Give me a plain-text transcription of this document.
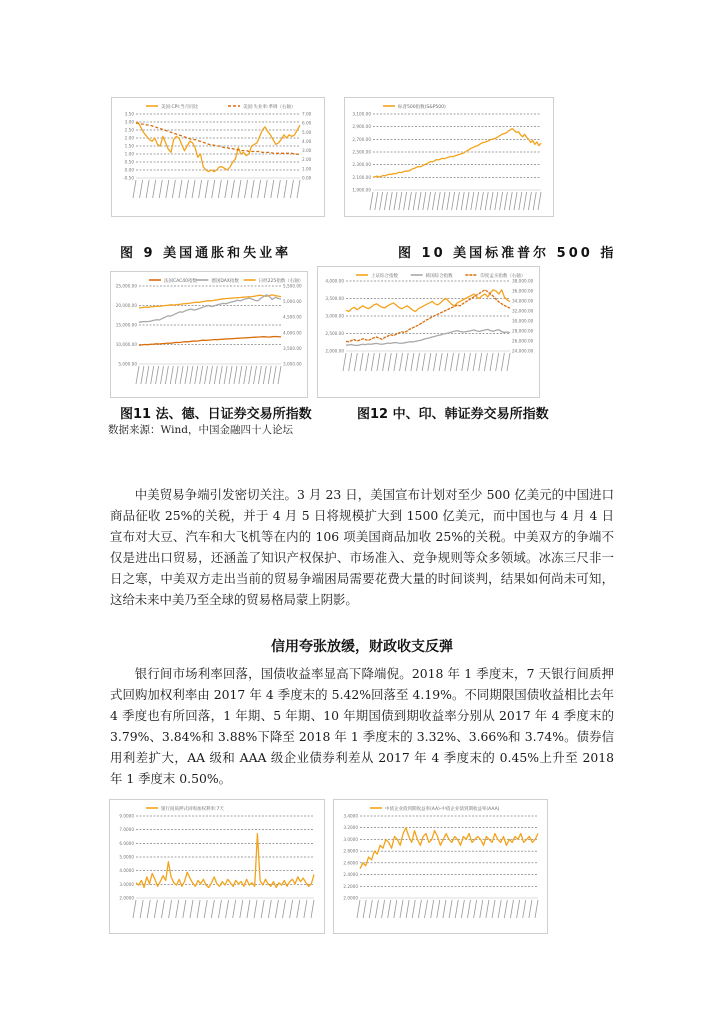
美国:CPI:当月同比	美国:失业率:季调（右轴）
3.50
3.00
2.50
2.00
1.50
1.00
0.50
0.00
-0.50
7.00
6.00
5.00
4.00
3.00
2.00
1.00
0.00
标普500指数(S&P500)
3,100.00
2,900.00
2,700.00
2,500.00
2,300.00
2,100.00
1,900.00
法国CAC40指数	德国DAX指数	日经225指数（右轴）
25,000.00
20,000.00
15,000.00
10,000.00
5,000.00
5,500.00
5,000.00
4,500.00
4,000.00
3,500.00
3,000.00
上证综合指数	韩国综合指数	印度孟买指数（右轴）
4,000.00
3,500.00
3,000.00
2,500.00
2,000.00
38,000.00
36,000.00
34,000.00
32,000.00
30,000.00
28,000.00
26,000.00
24,000.00
图 9 美国通胀和失业率	图 10 美国标准普尔 500 指
图11 法、德、日证券交易所指数	图12 中、印、韩证券交易所指数
数据来源：Wind，中国金融四十人论坛

中美贸易争端引发密切关注。3 月 23 日，美国宣布计划对至少 500 亿美元的中国进口商品征收 25%的关税，并于 4 月 5 日将规模扩大到 1500 亿美元，而中国也与 4 月 4 日宣布对大豆、汽车和大飞机等在内的 106 项美国商品加收 25%的关税。中美双方的争端不仅是进出口贸易，还涵盖了知识产权保护、市场准入、竞争规则等众多领域。冰冻三尺非一日之寒，中美双方走出当前的贸易争端困局需要花费大量的时间谈判，结果如何尚未可知，这给未来中美乃至全球的贸易格局蒙上阴影。

信用夸张放缓，财政收支反弹

银行间市场利率回落，国债收益率显高下降端倪。2018 年 1 季度末，7 天银行间质押式回购加权利率由 2017 年 4 季度末的 5.42%回落至 4.19%。不同期限国债收益相比去年 4 季度也有所回落，1 年期、5 年期、10 年期国债到期收益率分别从 2017 年 4 季度末的 3.79%、3.84%和 3.88%下降至 2018 年 1 季度末的 3.32%、3.66%和 3.74%。债券信用利差扩大，AA 级和 AAA 级企业债券利差从 2017 年 4 季度末的 0.45%上升至 2018 年 1 季度末 0.50%。

银行间质押式回购加权利率:7天
9.0000
7.0000
6.0000
5.0000
4.0000
3.0000
2.0000
中债企业债到期收益率(AA)-中债企业债到期收益率(AAA)
3.4000
3.2000
3.0000
2.8000
2.6000
2.4000
2.2000
2.0000
